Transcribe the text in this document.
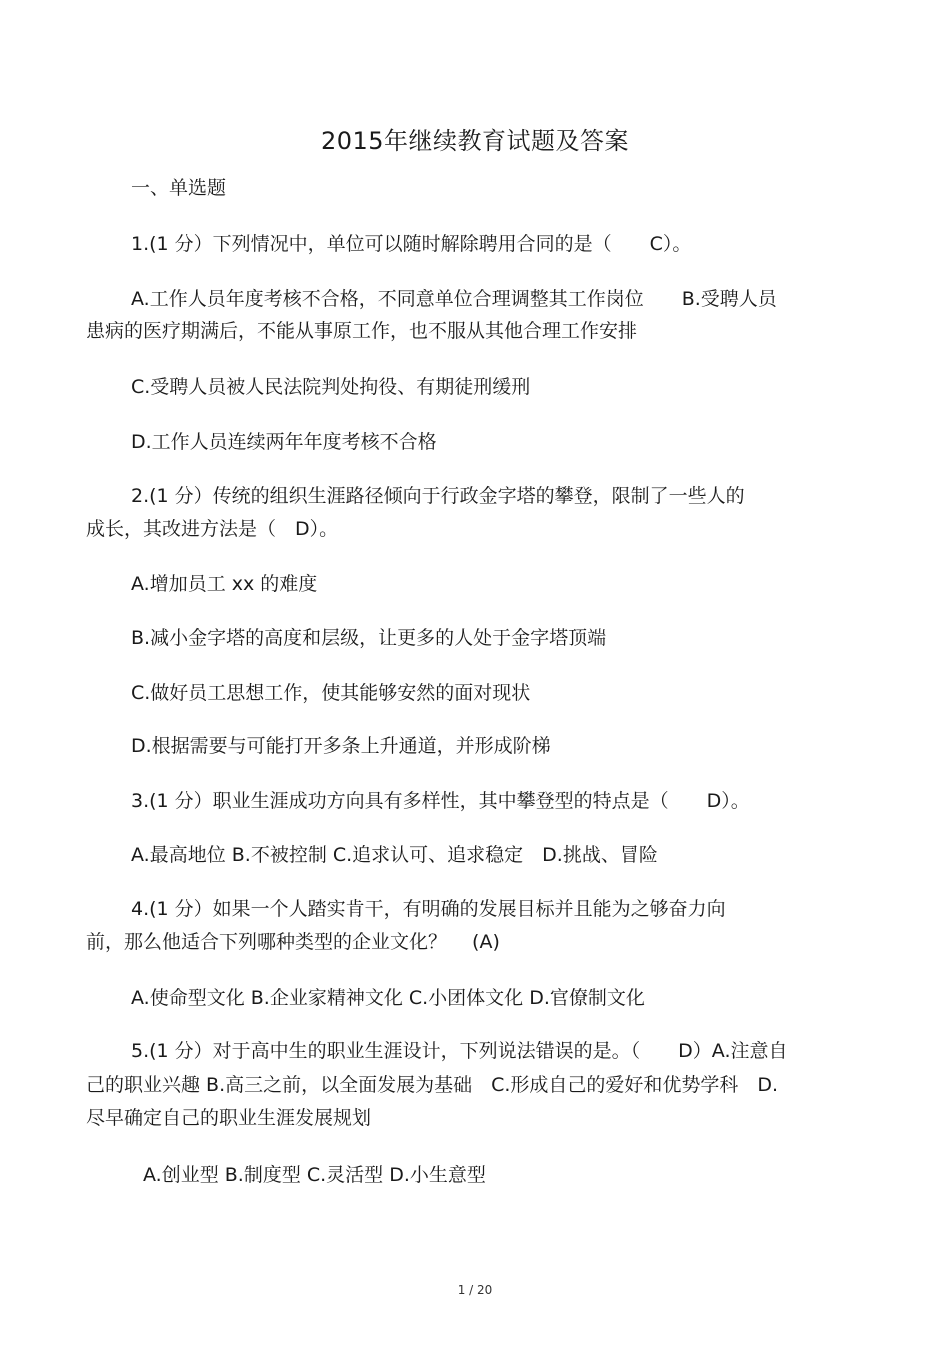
2015年继续教育试题及答案
一、单选题
1.(1 分）下列情况中，单位可以随时解除聘用合同的是（　　C）。
A.工作人员年度考核不合格，不同意单位合理调整其工作岗位　　B.受聘人员
患病的医疗期满后，不能从事原工作，也不服从其他合理工作安排
C.受聘人员被人民法院判处拘役、有期徒刑缓刑
D.工作人员连续两年年度考核不合格
2.(1 分）传统的组织生涯路径倾向于行政金字塔的攀登，限制了一些人的
成长，其改进方法是（　D）。
A.增加员工 xx 的难度
B.减小金字塔的高度和层级，让更多的人处于金字塔顶端
C.做好员工思想工作，使其能够安然的面对现状
D.根据需要与可能打开多条上升通道，并形成阶梯
3.(1 分）职业生涯成功方向具有多样性，其中攀登型的特点是（　　D）。
A.最高地位 B.不被控制 C.追求认可、追求稳定　D.挑战、冒险
4.(1 分）如果一个人踏实肯干，有明确的发展目标并且能为之够奋力向
前，那么他适合下列哪种类型的企业文化？　 (A)
A.使命型文化 B.企业家精神文化 C.小团体文化 D.官僚制文化
5.(1 分）对于高中生的职业生涯设计，下列说法错误的是。（　　D）A.注意自
己的职业兴趣 B.高三之前，以全面发展为基础　C.形成自己的爱好和优势学科　D.
尽早确定自己的职业生涯发展规划
A.创业型 B.制度型 C.灵活型 D.小生意型
1 / 20
